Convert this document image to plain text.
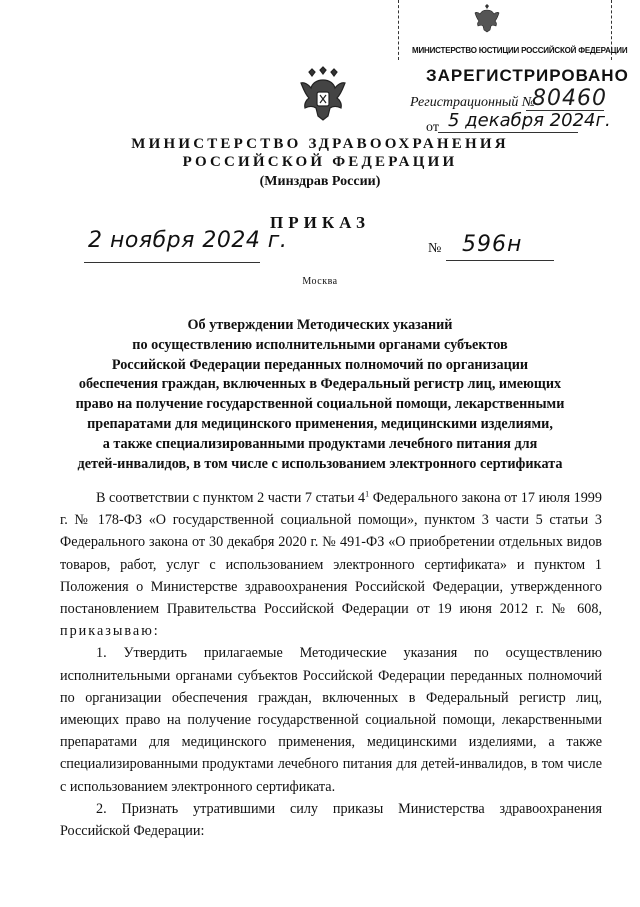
МИНИСТЕРСТВО ЮСТИЦИИ РОССИЙСКОЙ ФЕДЕРАЦИИ
ЗАРЕГИСТРИРОВАНО
Регистрационный №
80460
от 5 декабря 2024г.
МИНИСТЕРСТВО ЗДРАВООХРАНЕНИЯ
РОССИЙСКОЙ ФЕДЕРАЦИИ
(Минздрав России)
ПРИКАЗ
2 ноября 2024 г.	№ 596н
Москва
Об утверждении Методических указаний
по осуществлению исполнительными органами субъектов
Российской Федерации переданных полномочий по организации
обеспечения граждан, включенных в Федеральный регистр лиц, имеющих
право на получение государственной социальной помощи, лекарственными
препаратами для медицинского применения, медицинскими изделиями,
а также специализированными продуктами лечебного питания для
детей-инвалидов, в том числе с использованием электронного сертификата

В соответствии с пунктом 2 части 7 статьи $4^1$ Федерального закона от 17 июля 1999 г. № 178-ФЗ «О государственной социальной помощи», пунктом 3 части 5 статьи 3 Федерального закона от 30 декабря 2020 г. № 491-ФЗ «О приобретении отдельных видов товаров, работ, услуг с использованием электронного сертификата» и пунктом 1 Положения о Министерстве здравоохранения Российской Федерации, утвержденного постановлением Правительства Российской Федерации от 19 июня 2012 г. № 608, приказываю:

1. Утвердить прилагаемые Методические указания по осуществлению исполнительными органами субъектов Российской Федерации переданных полномочий по организации обеспечения граждан, включенных в Федеральный регистр лиц, имеющих право на получение государственной социальной помощи, лекарственными препаратами для медицинского применения, медицинскими изделиями, а также специализированными продуктами лечебного питания для детей-инвалидов, в том числе с использованием электронного сертификата.

2. Признать утратившими силу приказы Министерства здравоохранения Российской Федерации:
